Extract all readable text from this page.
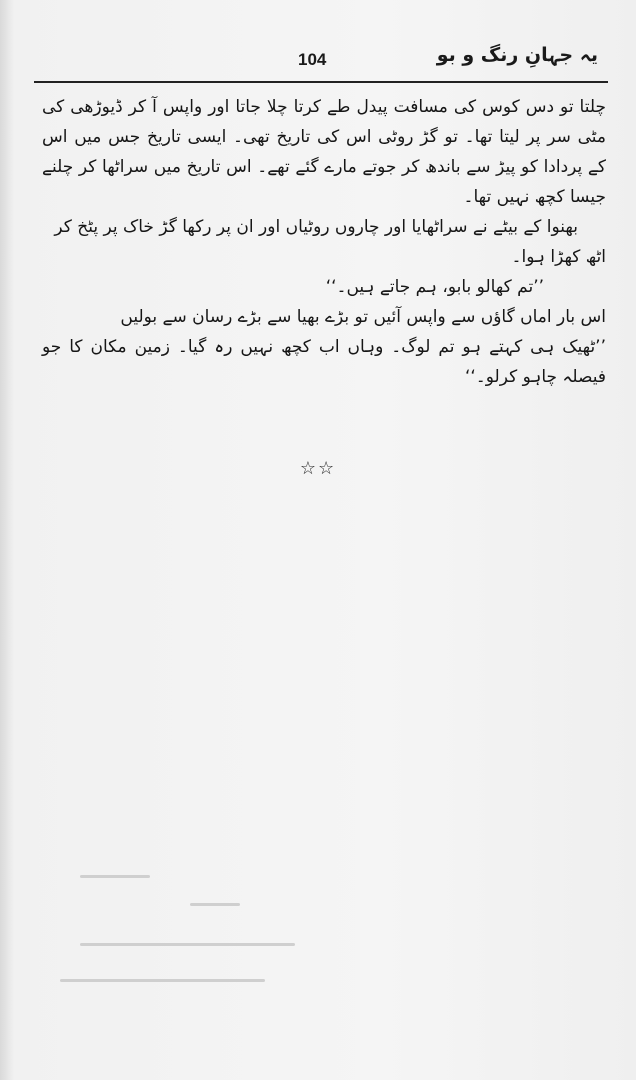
104	یہ جہانِ رنگ و بو

چلتا تو دس کوس کی مسافت پیدل طے کرتا چلا جاتا اور واپس آ کر ڈیوڑھی کی مٹی سر پر لیتا تھا۔ تو گڑ روٹی اس کی تاریخ تھی۔ ایسی تاریخ جس میں اس کے پردادا کو پیڑ سے باندھ کر جوتے مارے گئے تھے۔ اس تاریخ میں سراٹھا کر چلنے جیسا کچھ نہیں تھا۔

بھنوا کے بیٹے نے سراٹھایا اور چاروں روٹیاں اور ان پر رکھا گڑ خاک پر پٹخ کر

اٹھ کھڑا ہوا۔

’’تم کھالو بابو، ہم جاتے ہیں۔‘‘

اس بار اماں گاؤں سے واپس آئیں تو بڑے بھیا سے بڑے رسان سے بولیں

’’ٹھیک ہی کہتے ہو تم لوگ۔ وہاں اب کچھ نہیں رہ گیا۔ زمین مکان کا جو فیصلہ چاہو کرلو۔‘‘

☆☆
